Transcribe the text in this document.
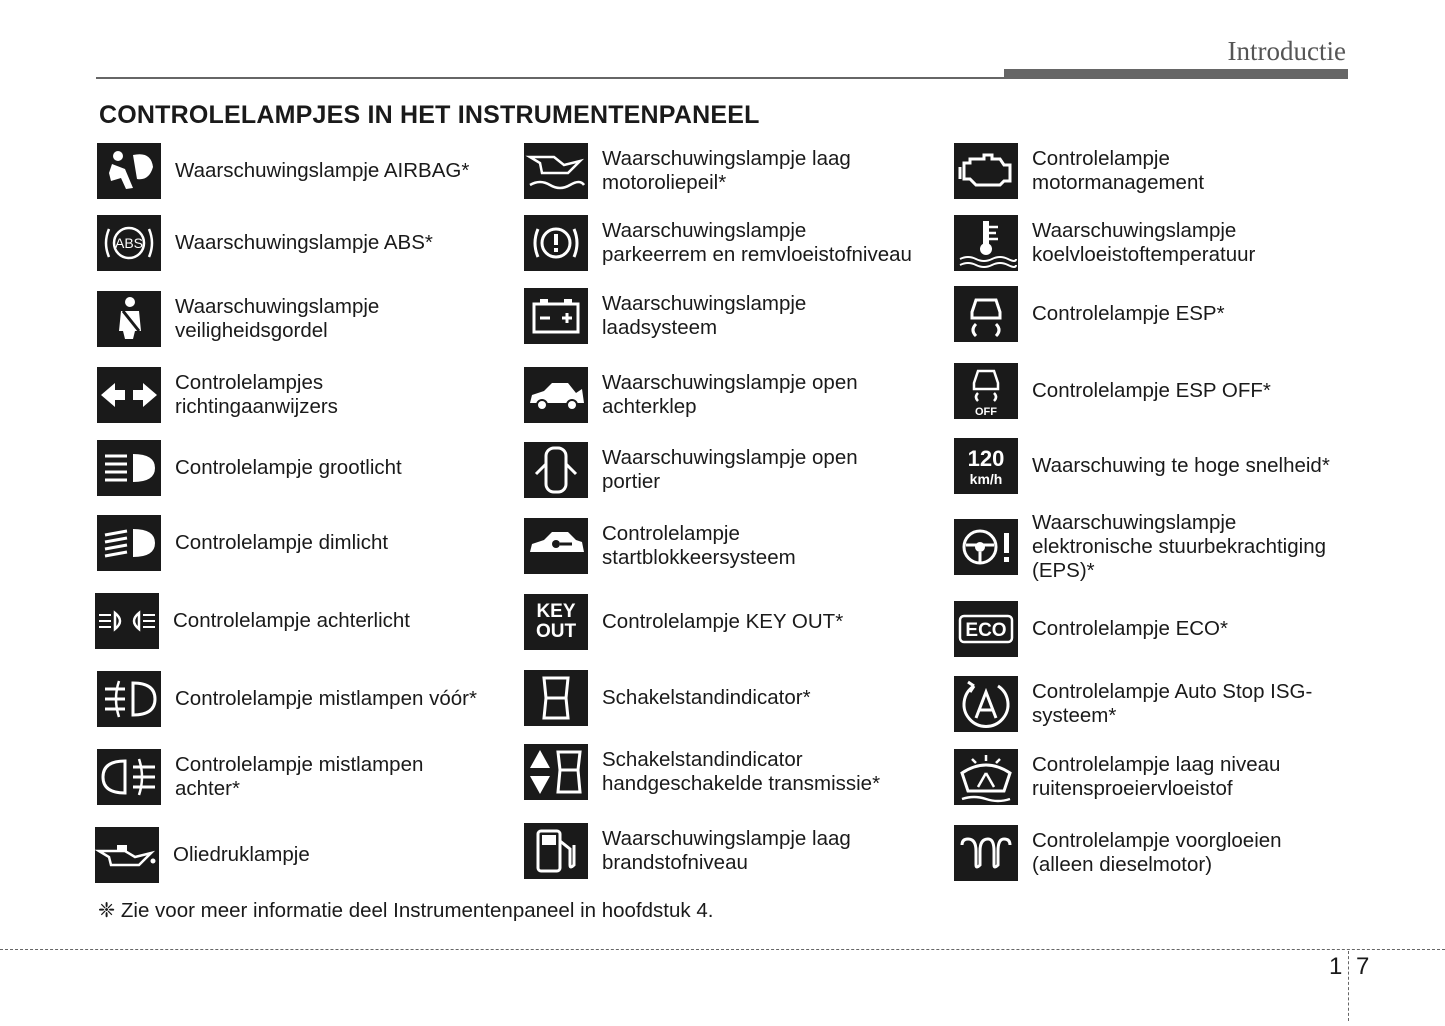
Introductie
CONTROLELAMPJES IN HET INSTRUMENTENPANEEL
Waarschuwingslampje AIRBAG*
ABS Waarschuwingslampje ABS*
Waarschuwingslampje
veiligheidsgordel
Controlelampjes
richtingaanwijzers
Controlelampje grootlicht
Controlelampje dimlicht
Controlelampje achterlicht
Controlelampje mistlampen vóór*
Controlelampje mistlampen
achter*
Oliedruklampje
Waarschuwingslampje laag
motoroliepeil*
Waarschuwingslampje
parkeerrem en remvloeistofniveau
Waarschuwingslampje
laadsysteem
Waarschuwingslampje open
achterklep
Waarschuwingslampje open
portier
Controlelampje
startblokkeersysteem
KEY OUT Controlelampje KEY OUT*
Schakelstandindicator*
Schakelstandindicator
handgeschakelde transmissie*
Waarschuwingslampje laag
brandstofniveau
Controlelampje
motormanagement
Waarschuwingslampje
koelvloeistoftemperatuur
Controlelampje ESP*
OFF
Controlelampje ESP OFF*
120
km/h
Waarschuwing te hoge snelheid*
Waarschuwingslampje
elektronische stuurbekrachtiging
(EPS)*
ECO Controlelampje ECO*
Controlelampje Auto Stop ISG-
systeem*
Controlelampje laag niveau
ruitensproeiervloeistof
Controlelampje voorgloeien
(alleen dieselmotor)
❈ Zie voor meer informatie deel Instrumentenpaneel in hoofdstuk 4.
1 7
